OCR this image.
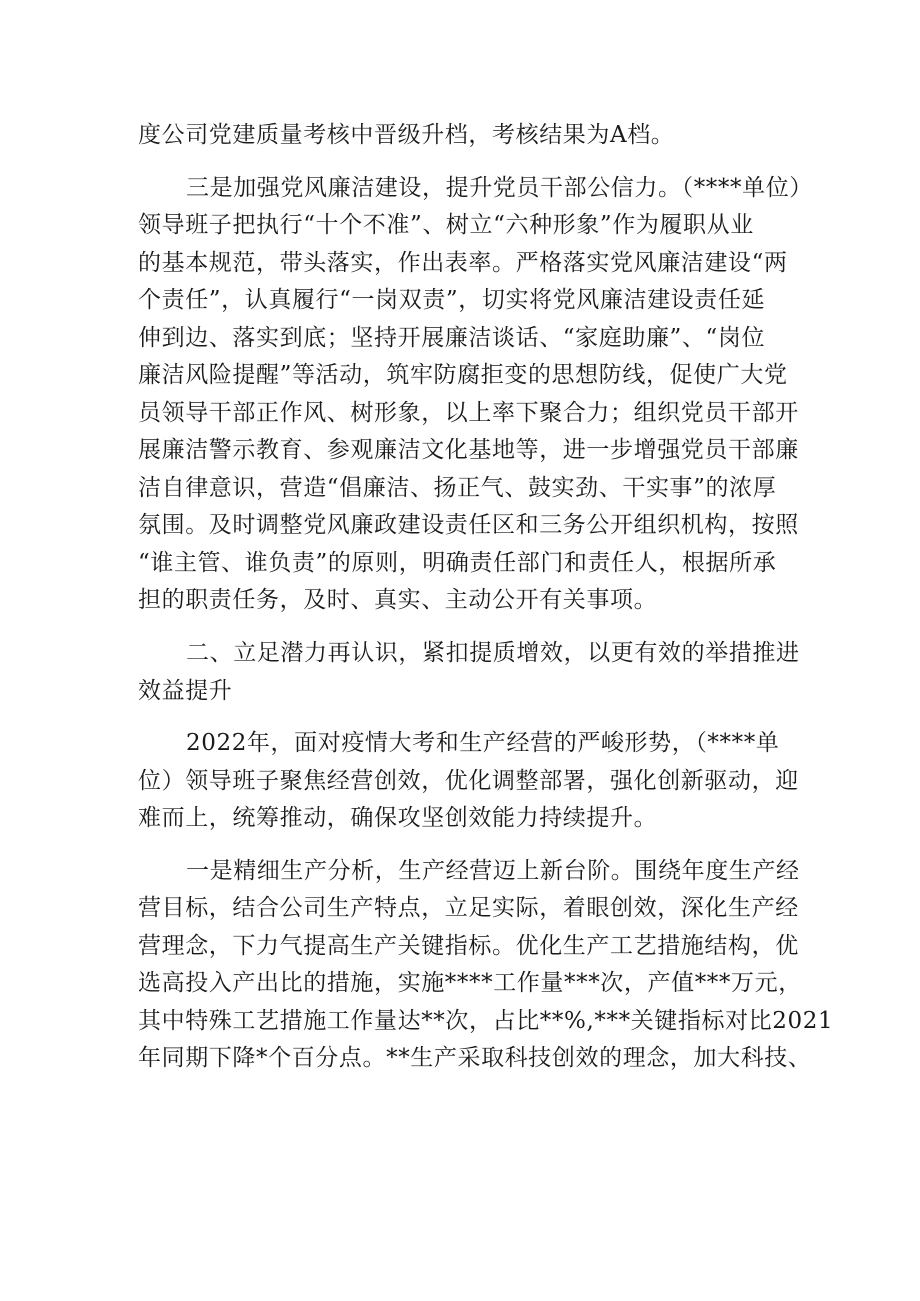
度公司党建质量考核中晋级升档，考核结果为A档。
三是加强党风廉洁建设，提升党员干部公信力。（****单位）
领导班子把执行“十个不准”、树立“六种形象”作为履职从业
的基本规范，带头落实，作出表率。严格落实党风廉洁建设“两
个责任”，认真履行“一岗双责”，切实将党风廉洁建设责任延
伸到边、落实到底；坚持开展廉洁谈话、“家庭助廉”、“岗位
廉洁风险提醒”等活动，筑牢防腐拒变的思想防线，促使广大党
员领导干部正作风、树形象，以上率下聚合力；组织党员干部开
展廉洁警示教育、参观廉洁文化基地等，进一步增强党员干部廉
洁自律意识，营造“倡廉洁、扬正气、鼓实劲、干实事”的浓厚
氛围。及时调整党风廉政建设责任区和三务公开组织机构，按照
“谁主管、谁负责”的原则，明确责任部门和责任人，根据所承
担的职责任务，及时、真实、主动公开有关事项。
二、立足潜力再认识，紧扣提质增效，以更有效的举措推进
效益提升
2022年，面对疫情大考和生产经营的严峻形势，（****单
位）领导班子聚焦经营创效，优化调整部署，强化创新驱动，迎
难而上，统筹推动，确保攻坚创效能力持续提升。
一是精细生产分析，生产经营迈上新台阶。围绕年度生产经
营目标，结合公司生产特点，立足实际，着眼创效，深化生产经
营理念，下力气提高生产关键指标。优化生产工艺措施结构，优
选高投入产出比的措施，实施****工作量***次，产值***万元，
其中特殊工艺措施工作量达**次，占比**%,***关键指标对比2021
年同期下降*个百分点。**生产采取科技创效的理念，加大科技、
